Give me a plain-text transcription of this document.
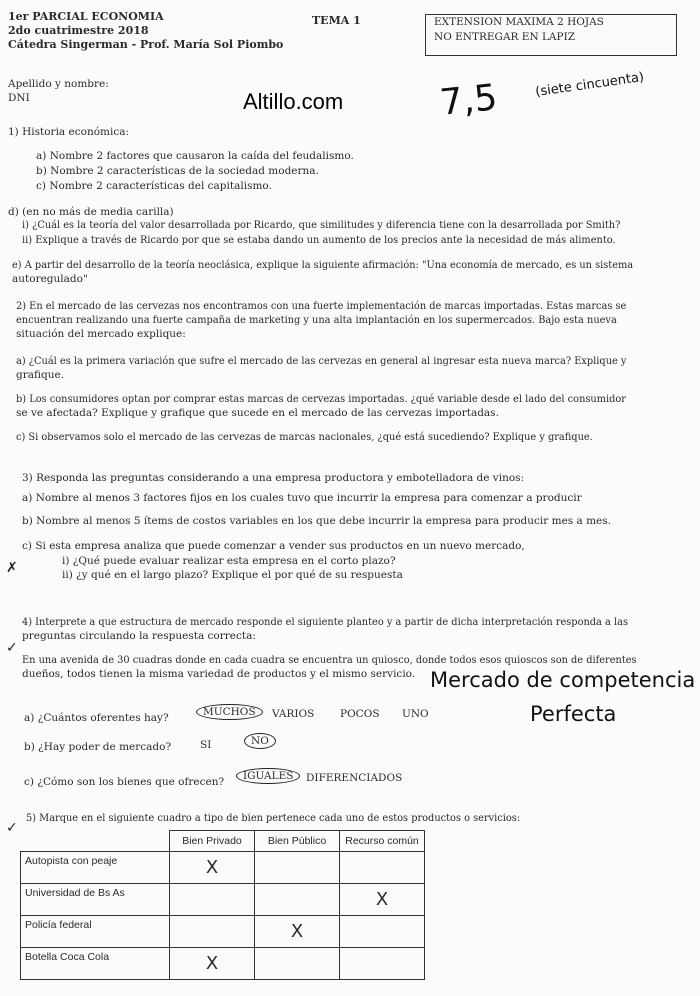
1er PARCIAL ECONOMIA
2do cuatrimestre 2018
Cátedra Singerman - Prof. María Sol Piombo
TEMA 1	EXTENSION MAXIMA 2 HOJAS
NO ENTREGAR EN LAPIZ
Apellido y nombre:
DNI	Altillo.com	7,5	(siete cincuenta)
1) Historia económica:
a) Nombre 2 factores que causaron la caída del feudalismo.
b) Nombre 2 características de la sociedad moderna.
c) Nombre 2 características del capitalismo.
d) (en no más de media carilla)
i) ¿Cuál es la teoría del valor desarrollada por Ricardo, que similitudes y diferencia tiene con la desarrollada por Smith?
ii) Explique a través de Ricardo por que se estaba dando un aumento de los precios ante la necesidad de más alimento.
e) A partir del desarrollo de la teoría neoclásica, explique la siguiente afirmación: "Una economía de mercado, es un sistema
autoregulado"
2) En el mercado de las cervezas nos encontramos con una fuerte implementación de marcas importadas. Estas marcas se
encuentran realizando una fuerte campaña de marketing y una alta implantación en los supermercados. Bajo esta nueva
situación del mercado explique:
a) ¿Cuál es la primera variación que sufre el mercado de las cervezas en general al ingresar esta nueva marca? Explique y
grafique.
b) Los consumidores optan por comprar estas marcas de cervezas importadas. ¿qué variable desde el lado del consumidor
se ve afectada? Explique y grafique que sucede en el mercado de las cervezas importadas.
c) Si observamos solo el mercado de las cervezas de marcas nacionales, ¿qué está sucediendo? Explique y grafique.
3) Responda las preguntas considerando a una empresa productora y embotelladora de vinos:
a) Nombre al menos 3 factores fijos en los cuales tuvo que incurrir la empresa para comenzar a producir
b) Nombre al menos 5 ítems de costos variables en los que debe incurrir la empresa para producir mes a mes.
c) Si esta empresa analiza que puede comenzar a vender sus productos en un nuevo mercado,
i) ¿Qué puede evaluar realizar esta empresa en el corto plazo?
ii) ¿y qué en el largo plazo? Explique el por qué de su respuesta
✗
4) Interprete a que estructura de mercado responde el siguiente planteo y a partir de dicha interpretación responda a las
preguntas circulando la respuesta correcta:
En una avenida de 30 cuadras donde en cada cuadra se encuentra un quiosco, donde todos esos quioscos son de diferentes
dueños, todos tienen la misma variedad de productos y el mismo servicio.
✓
Mercado de competencia
Perfecta
a) ¿Cuántos oferentes hay?	MUCHOS	VARIOS POCOS UNO
b) ¿Hay poder de mercado?	SI	NO
c) ¿Cómo son los bienes que ofrecen?	IGUALES	DIFERENCIADOS
5) Marque en el siguiente cuadro a tipo de bien pertenece cada uno de estos productos o servicios:
✓
	Bien Privado	Bien Público	Recurso común
Autopista con peaje	X		
Universidad de Bs As			X
Policía federal		X	
Botella Coca Cola	X		
